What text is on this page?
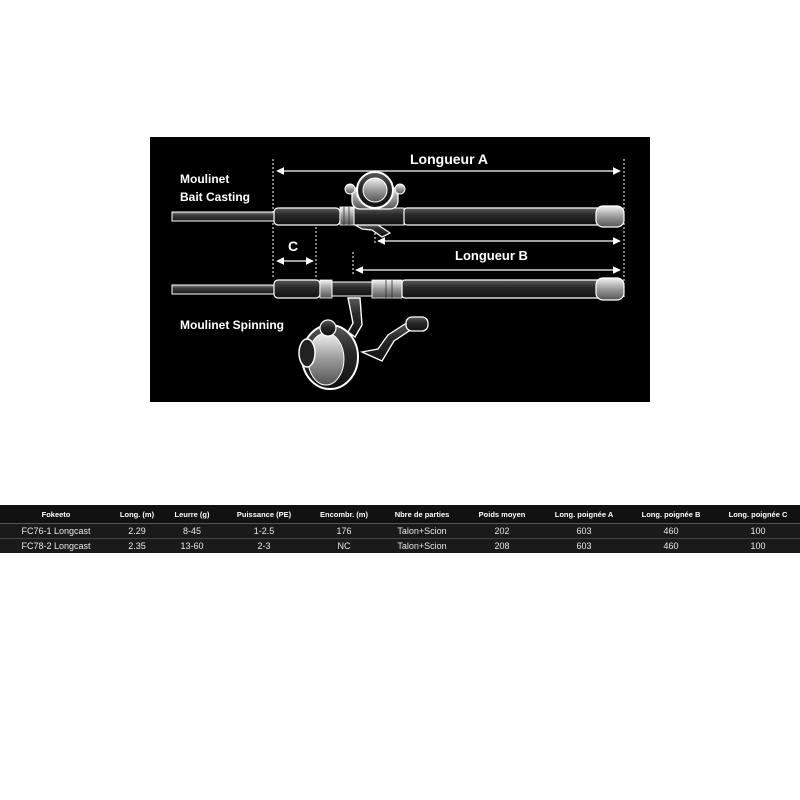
Longueur A
Longueur B
C
Moulinet
Bait Casting
Moulinet Spinning
Fokeeto	Long. (m)	Leurre (g)	Puissance (PE)	Encombr. (m)	Nbre de parties	Poids moyen	Long. poignée A	Long. poignée B	Long. poignée C
FC76-1 Longcast	2.29	8-45	1-2.5	176	Talon+Scion	202	603	460	100
FC78-2 Longcast	2.35	13-60	2-3	NC	Talon+Scion	208	603	460	100
